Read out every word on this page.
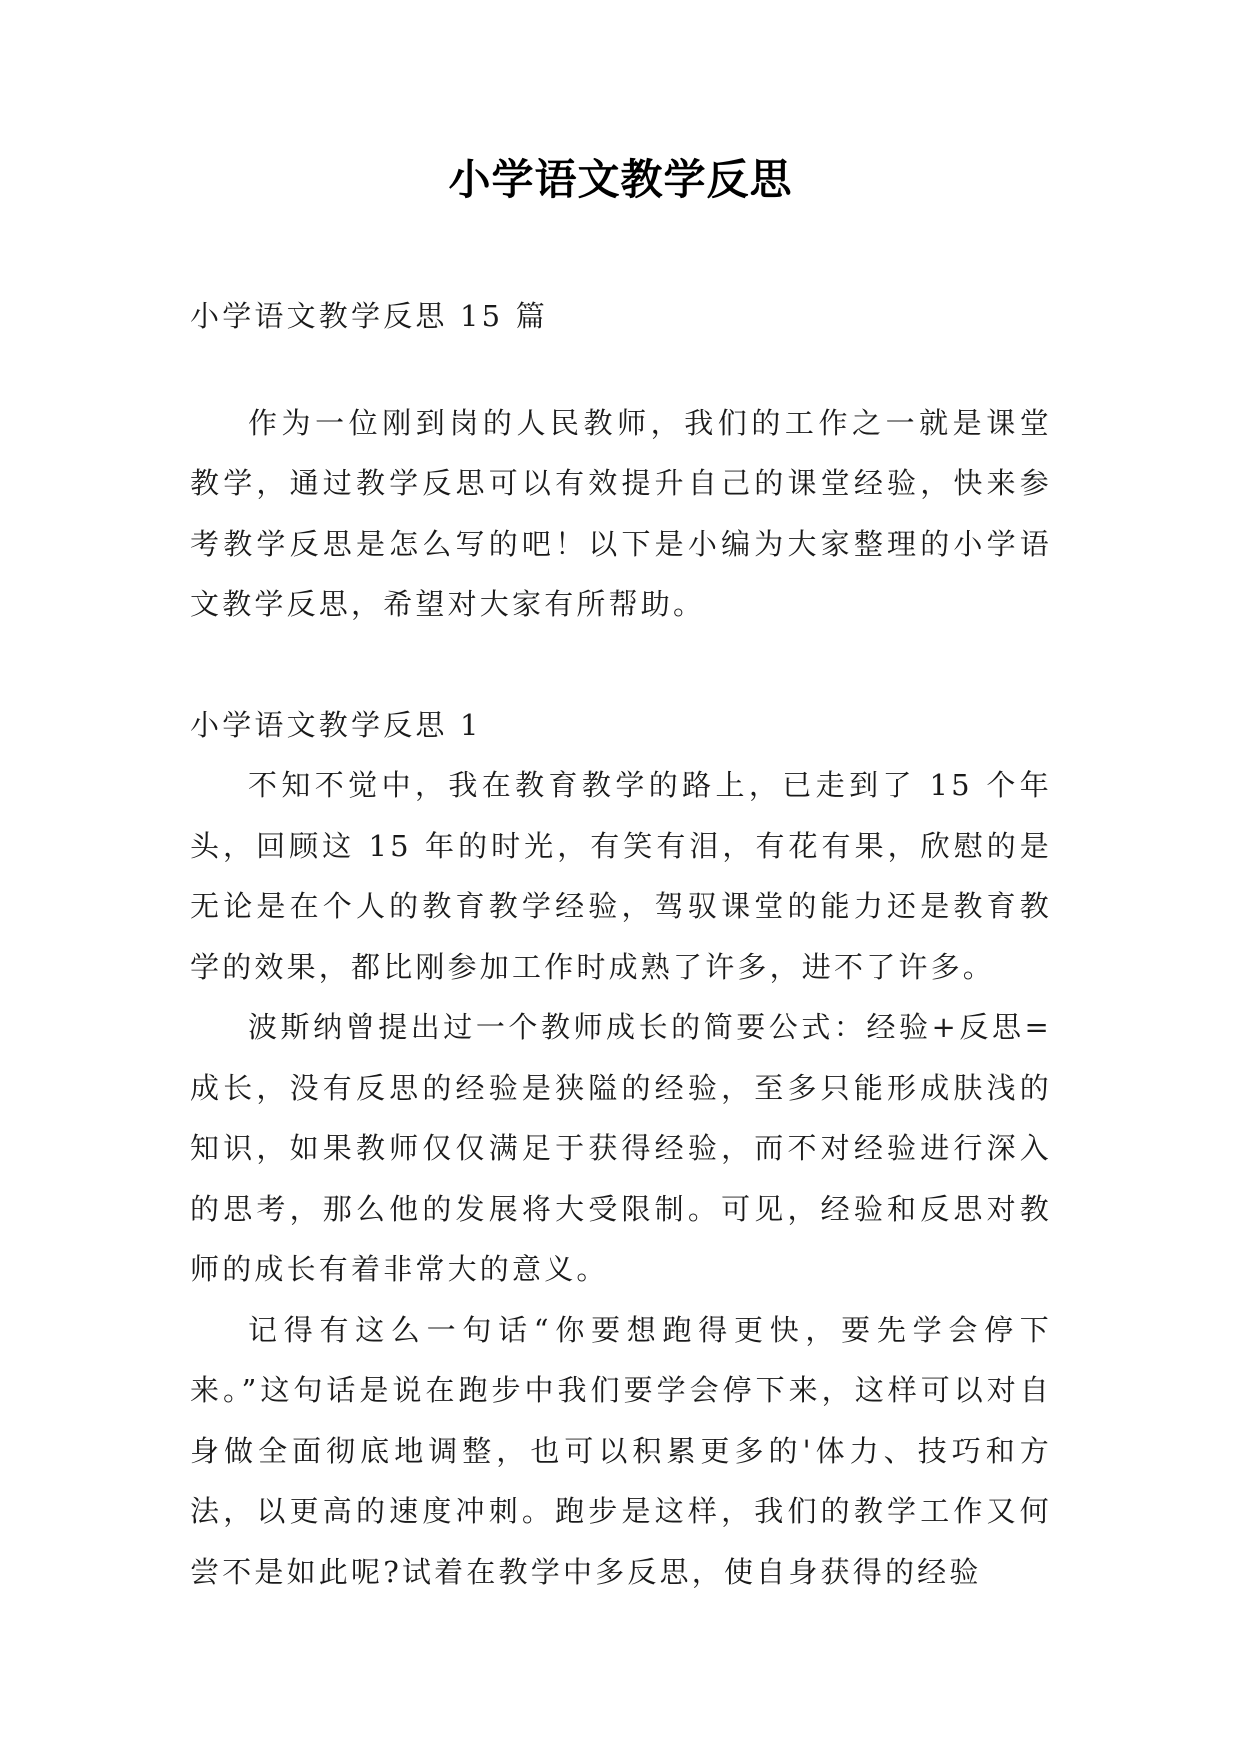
小学语文教学反思

小学语文教学反思 15 篇

作为一位刚到岗的人民教师，我们的工作之一就是课堂教学，通过教学反思可以有效提升自己的课堂经验，快来参考教学反思是怎么写的吧！以下是小编为大家整理的小学语文教学反思，希望对大家有所帮助。

小学语文教学反思 1

不知不觉中，我在教育教学的路上，已走到了 15 个年头，回顾这 15 年的时光，有笑有泪，有花有果，欣慰的是无论是在个人的教育教学经验，驾驭课堂的能力还是教育教学的效果，都比刚参加工作时成熟了许多，进不了许多。

波斯纳曾提出过一个教师成长的简要公式：经验+反思=成长，没有反思的经验是狭隘的经验，至多只能形成肤浅的知识，如果教师仅仅满足于获得经验，而不对经验进行深入的思考，那么他的发展将大受限制。可见，经验和反思对教师的成长有着非常大的意义。

记得有这么一句话“你要想跑得更快，要先学会停下来。”这句话是说在跑步中我们要学会停下来，这样可以对自身做全面彻底地调整，也可以积累更多的'体力、技巧和方法，以更高的速度冲刺。跑步是这样，我们的教学工作又何尝不是如此呢?试着在教学中多反思，使自身获得的经验
